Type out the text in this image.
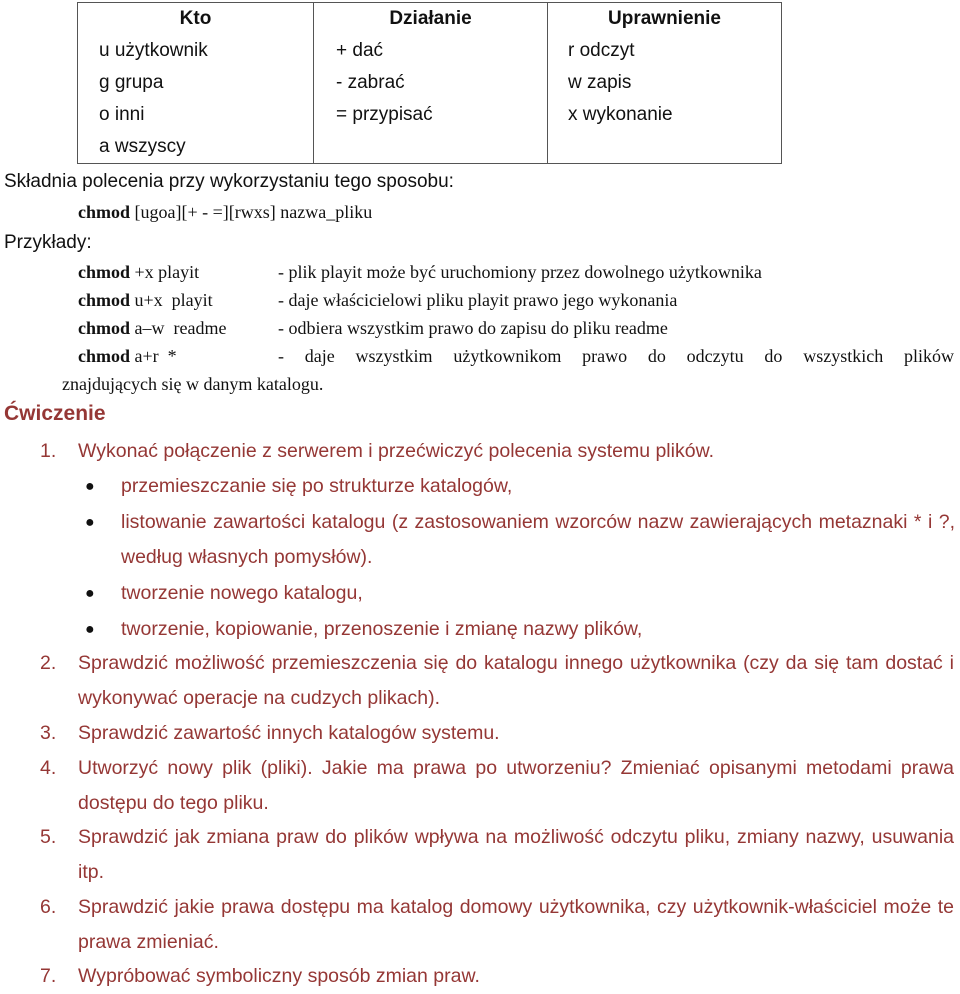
Kto	Działanie	Uprawnienie
u użytkownik	+ dać	r odczyt
g grupa	- zabrać	w zapis
o inni	= przypisać	x wykonanie
a wszyscy		
Składnia polecenia przy wykorzystaniu tego sposobu:
chmod [ugoa][+ - =][rwxs] nazwa_pliku
Przykłady:
chmod +x playit	- plik playit może być uruchomiony przez dowolnego użytkownika
chmod u+x  playit	- daje właścicielowi pliku playit prawo jego wykonania
chmod a–w  readme	- odbiera wszystkim prawo do zapisu do pliku readme
chmod a+r  *	- daje wszystkim użytkownikom prawo do odczytu do wszystkich plików
znajdujących się w danym katalogu.
Ćwiczenie
1. Wykonać połączenie z serwerem i przećwiczyć polecenia systemu plików.
● przemieszczanie się po strukturze katalogów,
● listowanie zawartości katalogu (z zastosowaniem wzorców nazw zawierających metaznaki * i ?, według własnych pomysłów).
● tworzenie nowego katalogu,
● tworzenie, kopiowanie, przenoszenie i zmianę nazwy plików,
2. Sprawdzić możliwość przemieszczenia się do katalogu innego użytkownika (czy da się tam dostać i wykonywać operacje na cudzych plikach).
3. Sprawdzić zawartość innych katalogów systemu.
4. Utworzyć nowy plik (pliki). Jakie ma prawa po utworzeniu? Zmieniać opisanymi metodami prawa dostępu do tego pliku.
5. Sprawdzić jak zmiana praw do plików wpływa na możliwość odczytu pliku, zmiany nazwy, usuwania itp.
6. Sprawdzić jakie prawa dostępu ma katalog domowy użytkownika, czy użytkownik-właściciel może te prawa zmieniać.
7. Wypróbować symboliczny sposób zmian praw.
